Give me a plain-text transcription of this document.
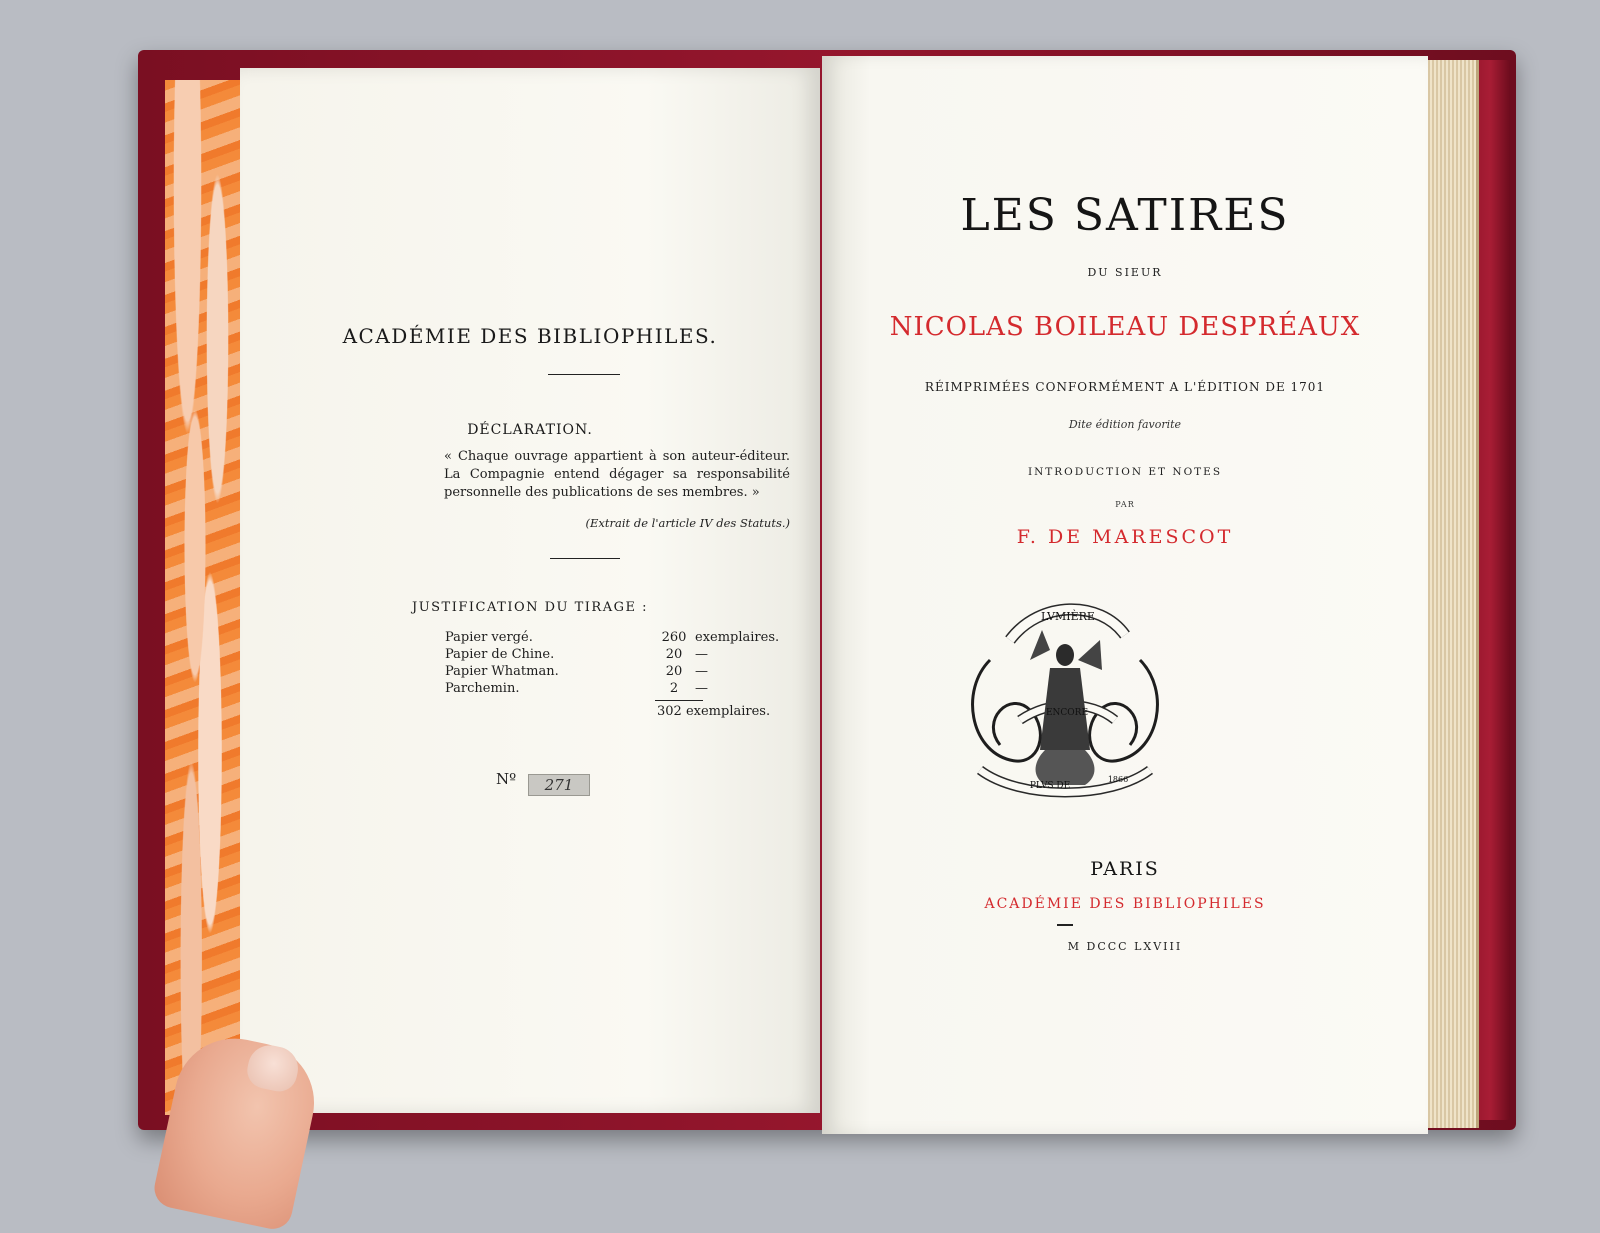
ACADÉMIE DES BIBLIOPHILES.
DÉCLARATION.
« Chaque ouvrage appartient à son auteur-éditeur. La Compagnie entend dégager sa responsabilité personnelle des publications de ses membres. »
(Extrait de l'article IV des Statuts.)
JUSTIFICATION DU TIRAGE :
Papier vergé.	260 exemplaires.
Papier de Chine.	20 —
Papier Whatman.	20 —
Parchemin.	2	—
302 exemplaires.
Nº	271
LES SATIRES
DU SIEUR
NICOLAS BOILEAU DESPRÉAUX
RÉIMPRIMÉES CONFORMÉMENT A L'ÉDITION DE 1701
Dite édition favorite
INTRODUCTION ET NOTES
PAR
F. DE MARESCOT
LVMIÈRE
ENCORE
PLVS DE
1866
PARIS
ACADÉMIE DES BIBLIOPHILES
M DCCC LXVIII
